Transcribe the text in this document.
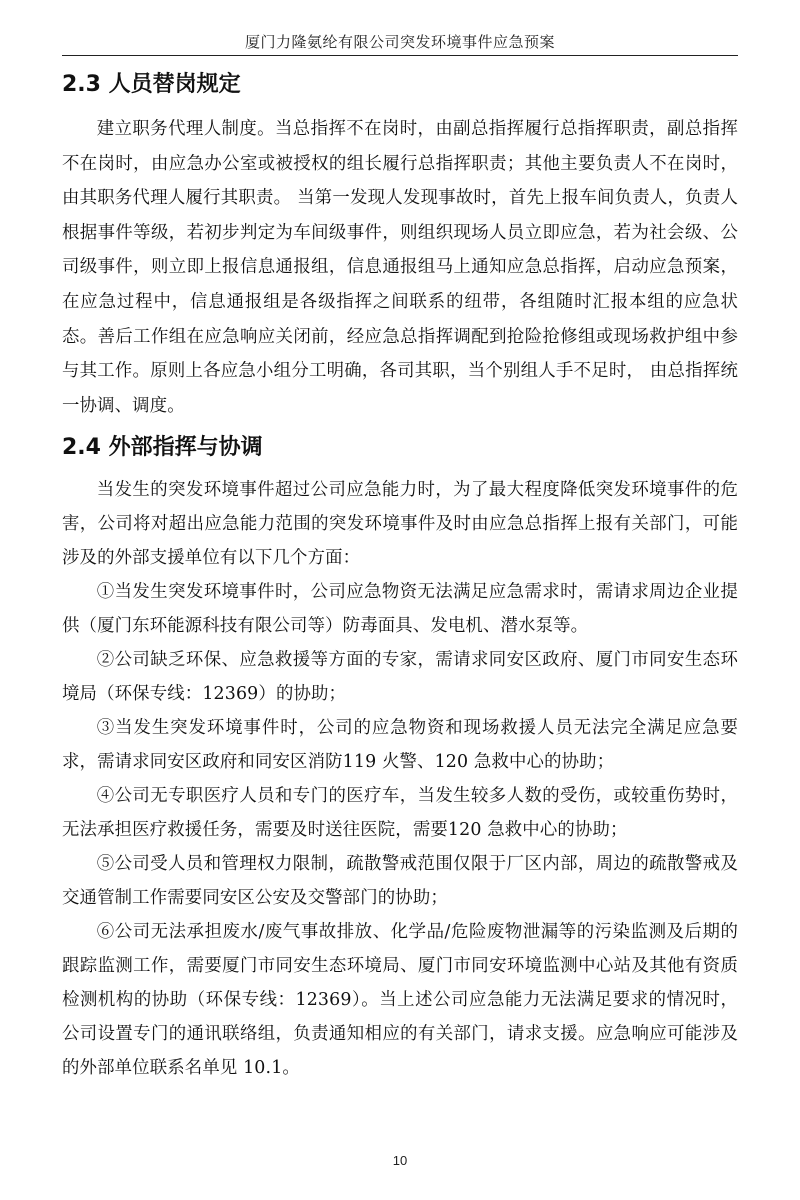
厦门力隆氨纶有限公司突发环境事件应急预案
2.3 人员替岗规定

建立职务代理人制度。当总指挥不在岗时，由副总指挥履行总指挥职责，副总指挥不在岗时，由应急办公室或被授权的组长履行总指挥职责；其他主要负责人不在岗时，由其职务代理人履行其职责。 当第一发现人发现事故时，首先上报车间负责人，负责人根据事件等级，若初步判定为车间级事件，则组织现场人员立即应急，若为社会级、公司级事件，则立即上报信息通报组，信息通报组马上通知应急总指挥，启动应急预案，在应急过程中，信息通报组是各级指挥之间联系的纽带，各组随时汇报本组的应急状态。善后工作组在应急响应关闭前，经应急总指挥调配到抢险抢修组或现场救护组中参与其工作。原则上各应急小组分工明确，各司其职，当个别组人手不足时， 由总指挥统一协调、调度。

2.4 外部指挥与协调

当发生的突发环境事件超过公司应急能力时，为了最大程度降低突发环境事件的危害，公司将对超出应急能力范围的突发环境事件及时由应急总指挥上报有关部门，可能涉及的外部支援单位有以下几个方面：

①当发生突发环境事件时，公司应急物资无法满足应急需求时，需请求周边企业提供（厦门东环能源科技有限公司等）防毒面具、发电机、潜水泵等。

②公司缺乏环保、应急救援等方面的专家，需请求同安区政府、厦门市同安生态环境局（环保专线：12369）的协助；

③当发生突发环境事件时，公司的应急物资和现场救援人员无法完全满足应急要求，需请求同安区政府和同安区消防119 火警、120 急救中心的协助；

④公司无专职医疗人员和专门的医疗车，当发生较多人数的受伤，或较重伤势时，无法承担医疗救援任务，需要及时送往医院，需要120 急救中心的协助；

⑤公司受人员和管理权力限制，疏散警戒范围仅限于厂区内部，周边的疏散警戒及交通管制工作需要同安区公安及交警部门的协助；

⑥公司无法承担废水/废气事故排放、化学品/危险废物泄漏等的污染监测及后期的跟踪监测工作，需要厦门市同安生态环境局、厦门市同安环境监测中心站及其他有资质检测机构的协助（环保专线：12369）。当上述公司应急能力无法满足要求的情况时，公司设置专门的通讯联络组，负责通知相应的有关部门，请求支援。应急响应可能涉及的外部单位联系名单见 10.1。

10
